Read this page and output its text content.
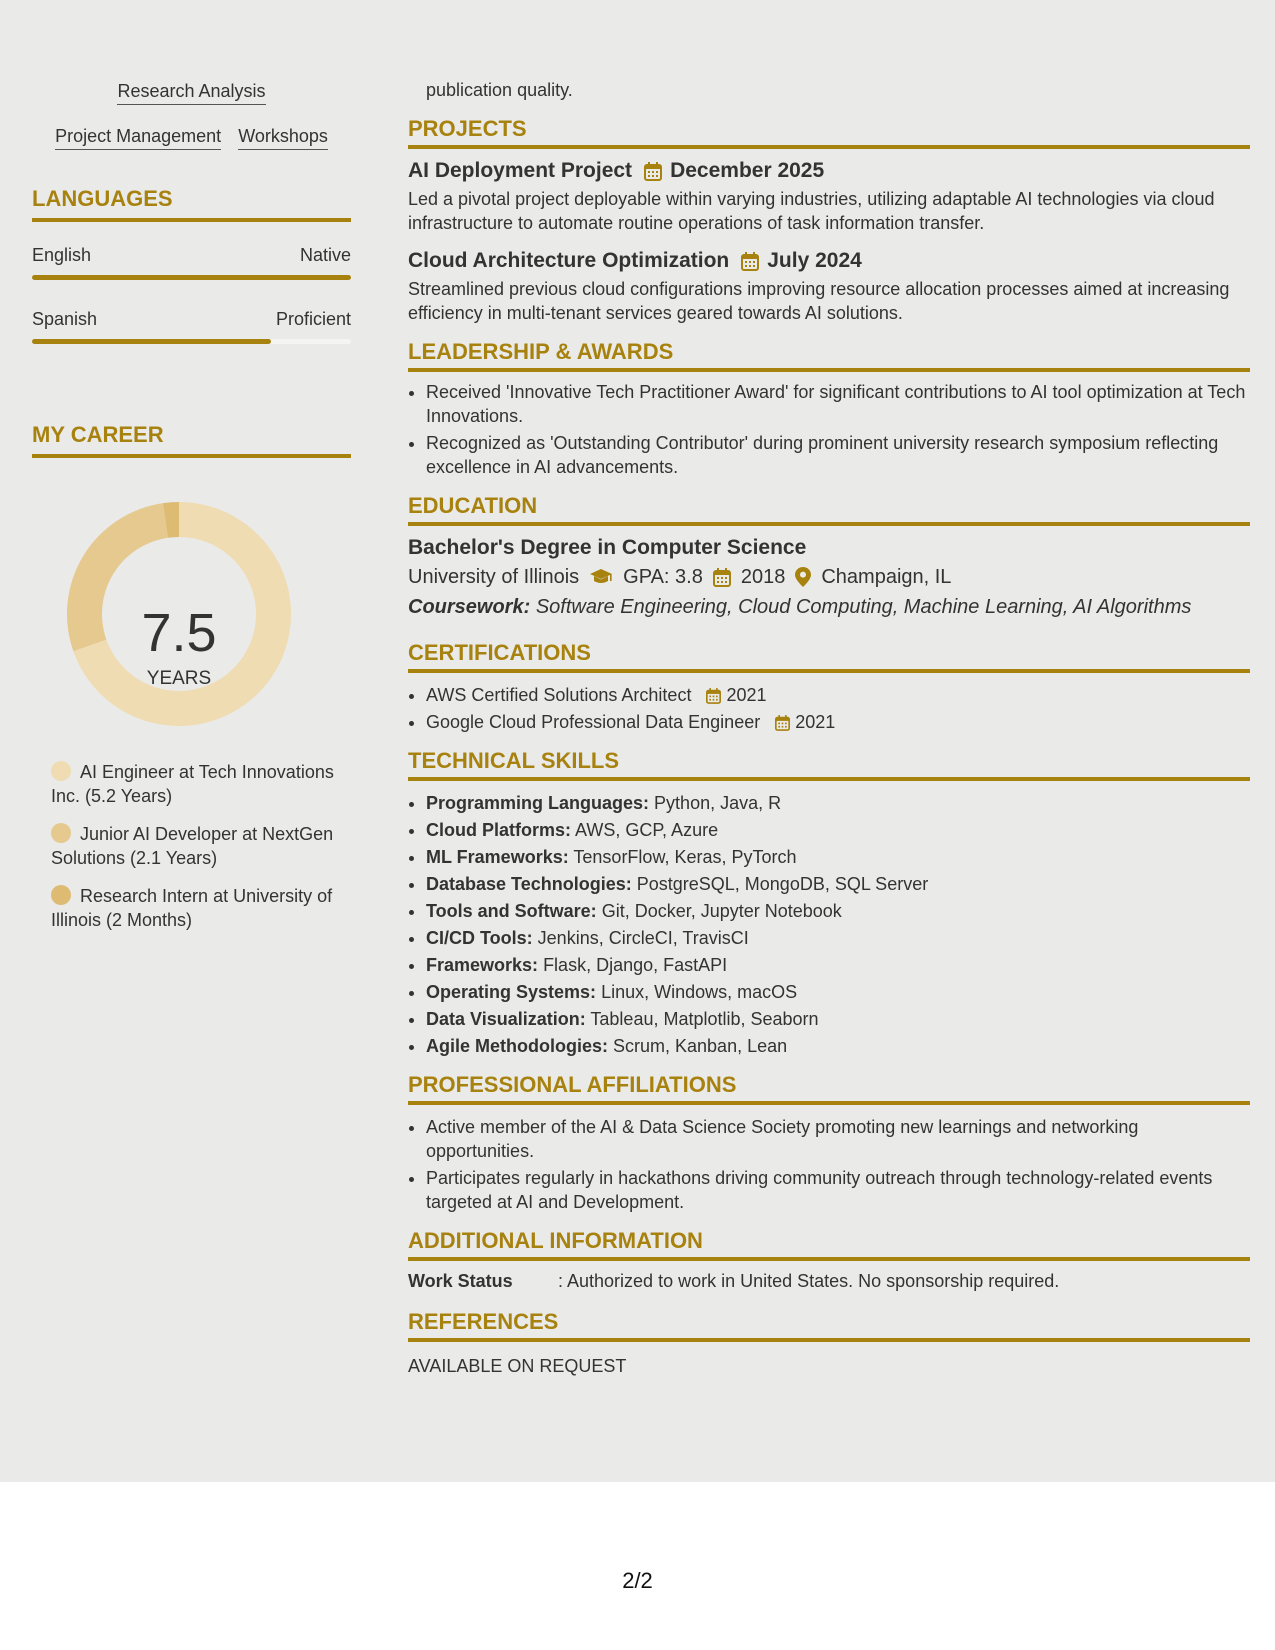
Research Analysis
Project Management Workshops
LANGUAGES
English	Native
Spanish	Proficient
MY CAREER
7.5
YEARS
AI Engineer at Tech Innovations Inc. (5.2 Years)
Junior AI Developer at NextGen Solutions (2.1 Years)
Research Intern at University of Illinois (2 Months)
publication quality.
PROJECTS
AI Deployment Project December 2025
Led a pivotal project deployable within varying industries, utilizing adaptable AI technologies via cloud infrastructure to automate routine operations of task information transfer.
Cloud Architecture Optimization July 2024
Streamlined previous cloud configurations improving resource allocation processes aimed at increasing efficiency in multi-tenant services geared towards AI solutions.
LEADERSHIP & AWARDS
• Received 'Innovative Tech Practitioner Award' for significant contributions to AI tool optimization at Tech Innovations.
• Recognized as 'Outstanding Contributor' during prominent university research symposium reflecting excellence in AI advancements.
EDUCATION
Bachelor's Degree in Computer Science
University of Illinois GPA: 3.8 2018 Champaign, IL
Coursework: Software Engineering, Cloud Computing, Machine Learning, AI Algorithms
CERTIFICATIONS
• AWS Certified Solutions Architect 2021
• Google Cloud Professional Data Engineer 2021
TECHNICAL SKILLS
• Programming Languages: Python, Java, R
• Cloud Platforms: AWS, GCP, Azure
• ML Frameworks: TensorFlow, Keras, PyTorch
• Database Technologies: PostgreSQL, MongoDB, SQL Server
• Tools and Software: Git, Docker, Jupyter Notebook
• CI/CD Tools: Jenkins, CircleCI, TravisCI
• Frameworks: Flask, Django, FastAPI
• Operating Systems: Linux, Windows, macOS
• Data Visualization: Tableau, Matplotlib, Seaborn
• Agile Methodologies: Scrum, Kanban, Lean
PROFESSIONAL AFFILIATIONS
• Active member of the AI & Data Science Society promoting new learnings and networking opportunities.
• Participates regularly in hackathons driving community outreach through technology-related events targeted at AI and Development.
ADDITIONAL INFORMATION
Work Status	: Authorized to work in United States. No sponsorship required.
REFERENCES
AVAILABLE ON REQUEST
2/2
